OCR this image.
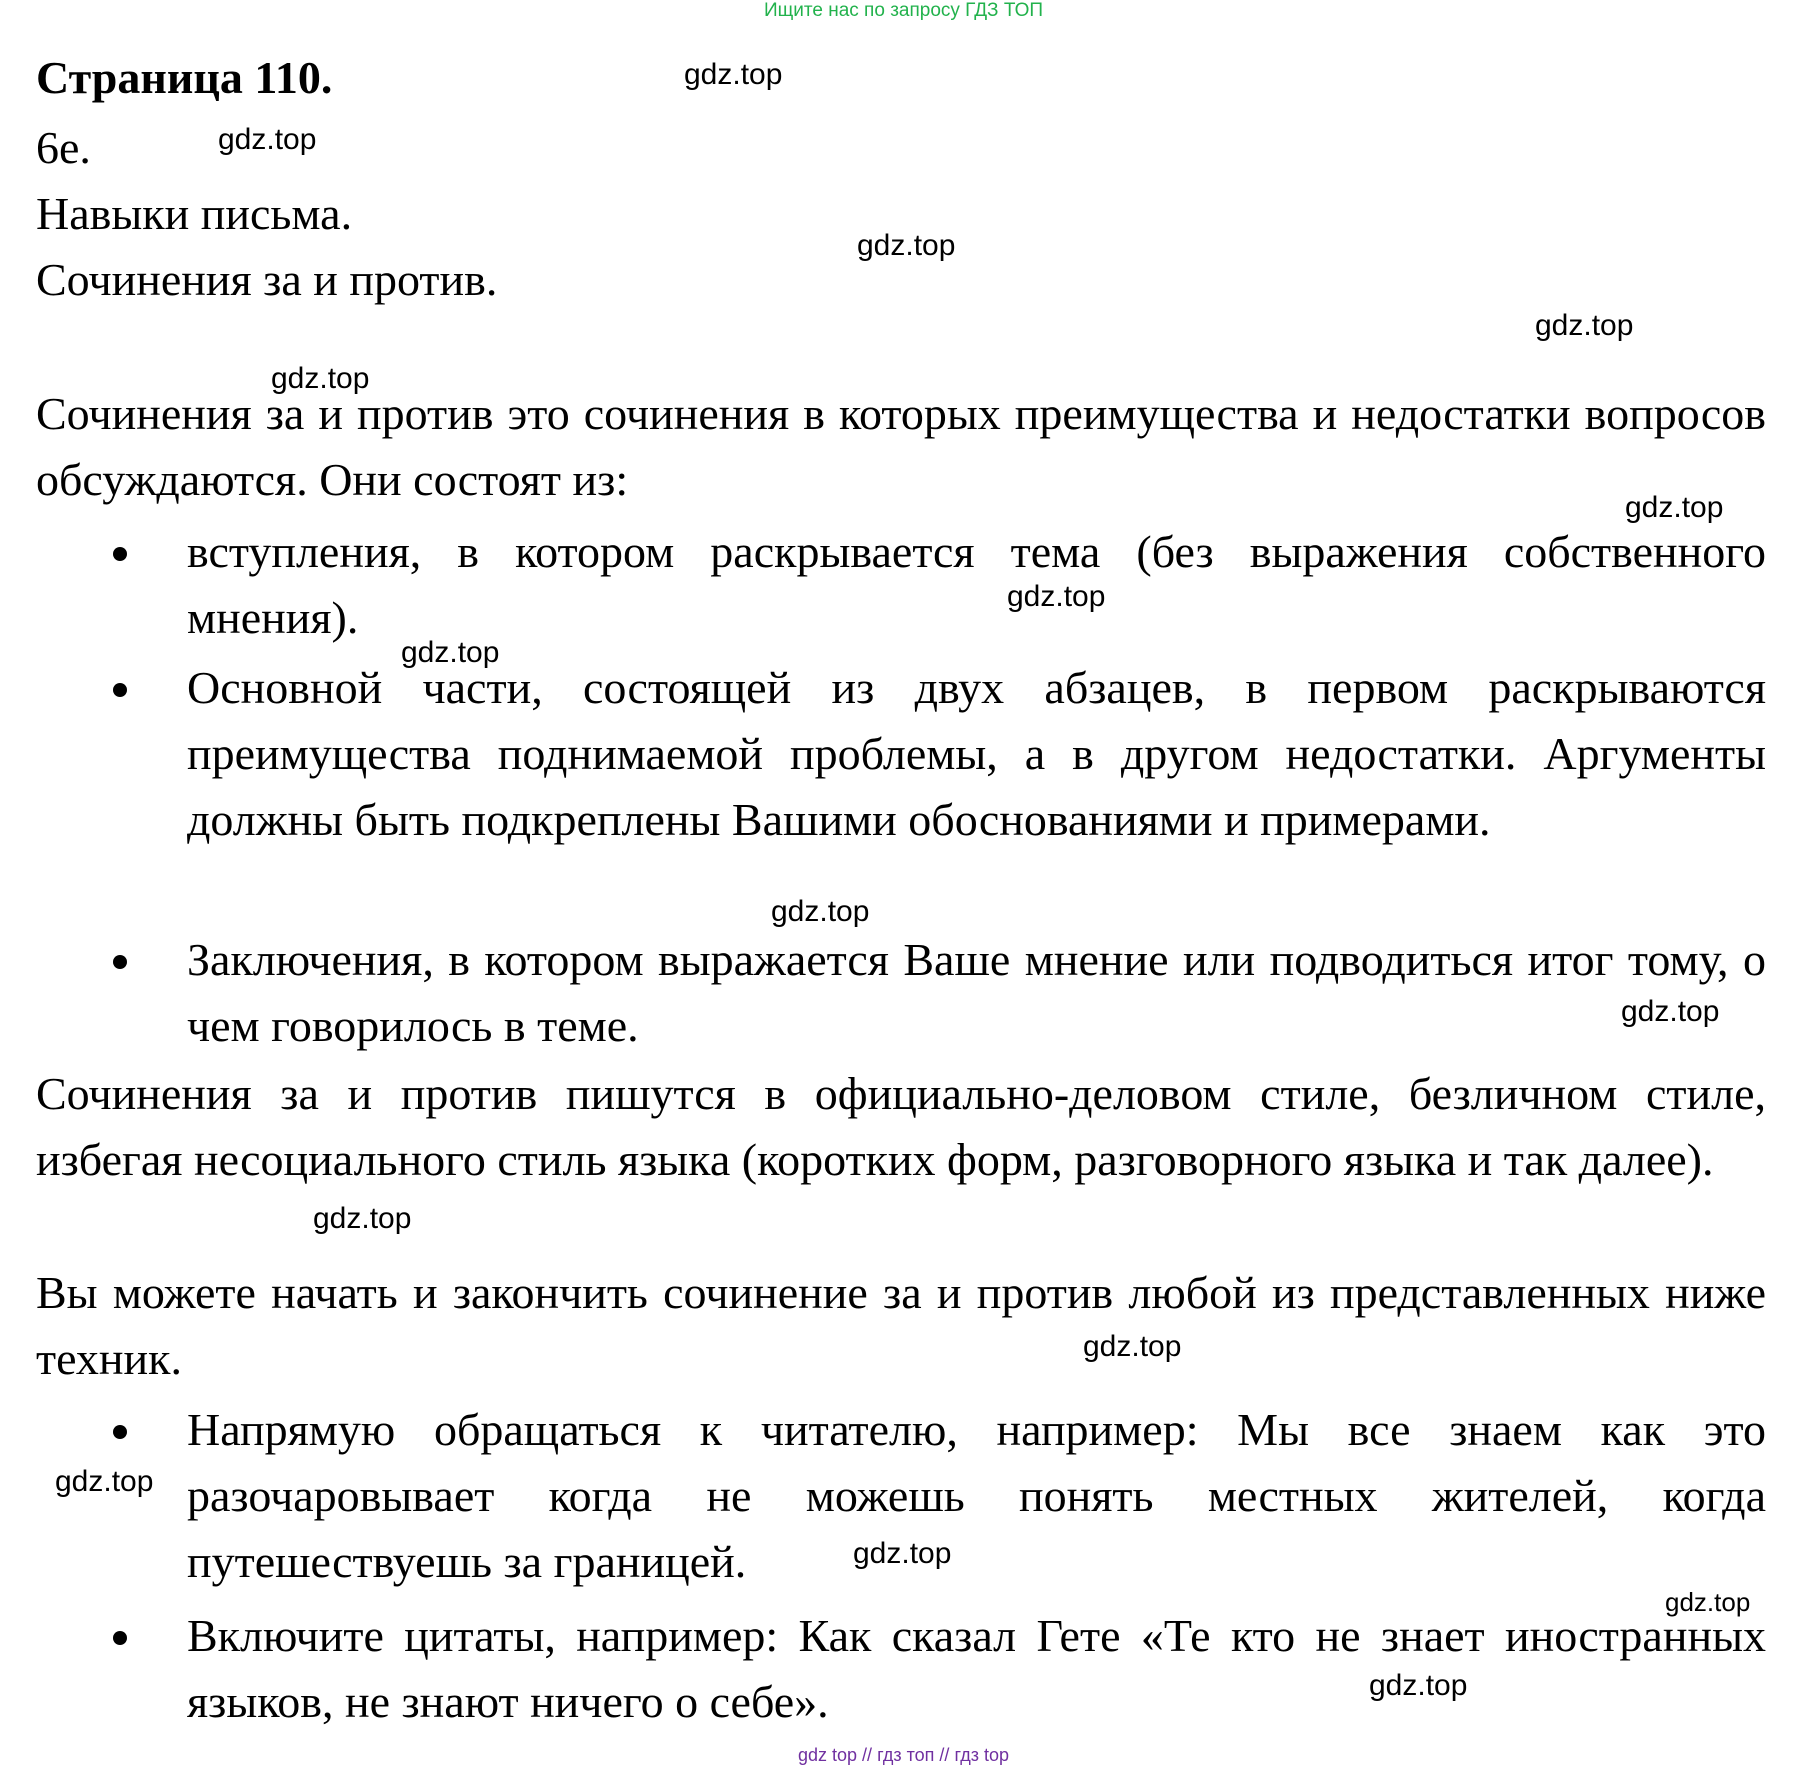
Ищите нас по запросу ГДЗ ТОП
Страница 110.
6e.
Навыки письма.
Сочинения за и против.
Сочинения за и против это сочинения в которых преимущества и недостатки вопросов обсуждаются. Они состоят из:
вступления, в котором раскрывается тема (без выражения собственного мнения).
Основной части, состоящей из двух абзацев, в первом раскрываются преимущества поднимаемой проблемы, а в другом недостатки. Аргументы должны быть подкреплены Вашими обоснованиями и примерами.
Заключения, в котором выражается Ваше мнение или подводиться итог тому, о чем говорилось в теме.
Сочинения за и против пишутся в официально-деловом стиле, безличном стиле, избегая несоциального стиль языка (коротких форм, разговорного языка и так далее).
Вы можете начать и закончить сочинение за и против любой из представленных ниже техник.
Напрямую обращаться к читателю, например: Мы все знаем как это разочаровывает когда не можешь понять местных жителей, когда путешествуешь за границей.
Включите цитаты, например: Как сказал Гете «Те кто не знает иностранных языков, не знают ничего о себе».
gdz.top
gdz.top
gdz.top
gdz.top
gdz.top
gdz.top
gdz.top
gdz.top
gdz.top
gdz.top
gdz.top
gdz.top
gdz.top
gdz.top
gdz.top
gdz.top
gdz top // гдз топ // гдз top
